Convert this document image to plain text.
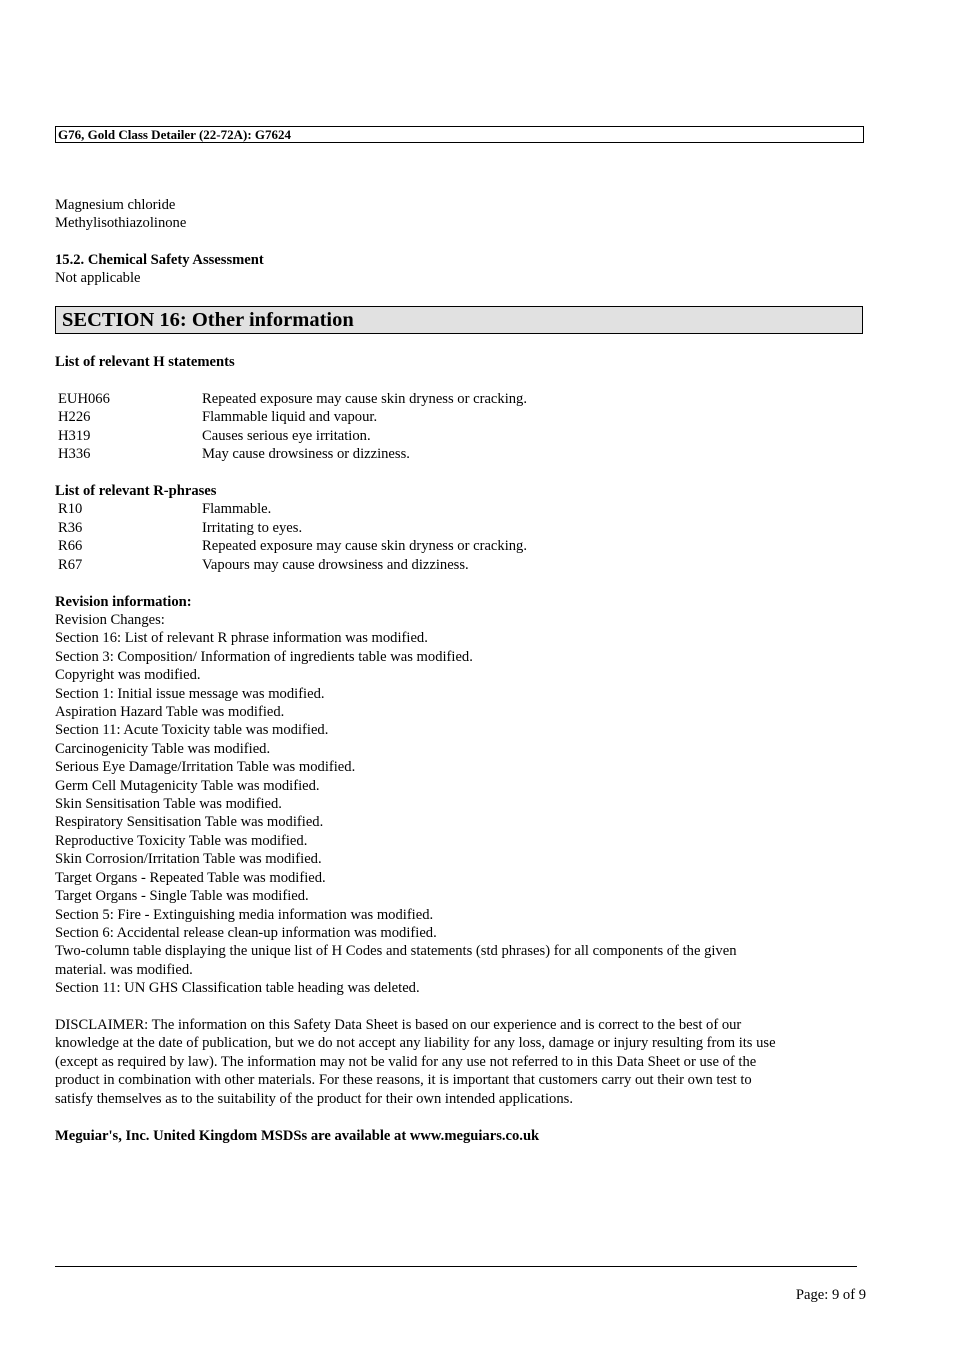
G76, Gold Class Detailer (22-72A): G7624
Magnesium chloride
Methylisothiazolinone
15.2. Chemical Safety Assessment
Not applicable
SECTION 16: Other information
List of relevant H statements
EUH066	Repeated exposure may cause skin dryness or cracking.
H226	Flammable liquid and vapour.
H319	Causes serious eye irritation.
H336	May cause drowsiness or dizziness.
List of relevant R-phrases
R10	Flammable.
R36	Irritating to eyes.
R66	Repeated exposure may cause skin dryness or cracking.
R67	Vapours may cause drowsiness and dizziness.
Revision information:
Revision Changes:
Section 16: List of relevant R phrase information was modified.
Section 3: Composition/ Information of ingredients table was modified.
Copyright was modified.
Section 1: Initial issue message was modified.
Aspiration Hazard Table was modified.
Section 11: Acute Toxicity table was modified.
Carcinogenicity Table was modified.
Serious Eye Damage/Irritation Table was modified.
Germ Cell Mutagenicity Table was modified.
Skin Sensitisation Table was modified.
Respiratory Sensitisation Table was modified.
Reproductive Toxicity Table was modified.
Skin Corrosion/Irritation Table was modified.
Target Organs - Repeated Table was modified.
Target Organs - Single Table was modified.
Section 5: Fire - Extinguishing media information was modified.
Section 6: Accidental release clean-up information was modified.
Two-column table displaying the unique list of H Codes and statements (std phrases) for all components of the given
material. was modified.
Section 11: UN GHS Classification table heading was deleted.
DISCLAIMER: The information on this Safety Data Sheet is based on our experience and is correct to the best of our
knowledge at the date of publication, but we do not accept any liability for any loss, damage or injury resulting from its use
(except as required by law). The information may not be valid for any use not referred to in this Data Sheet or use of the
product in combination with other materials. For these reasons, it is important that customers carry out their own test to
satisfy themselves as to the suitability of the product for their own intended applications.
Meguiar's, Inc. United Kingdom MSDSs are available at www.meguiars.co.uk
Page: 9 of 9
